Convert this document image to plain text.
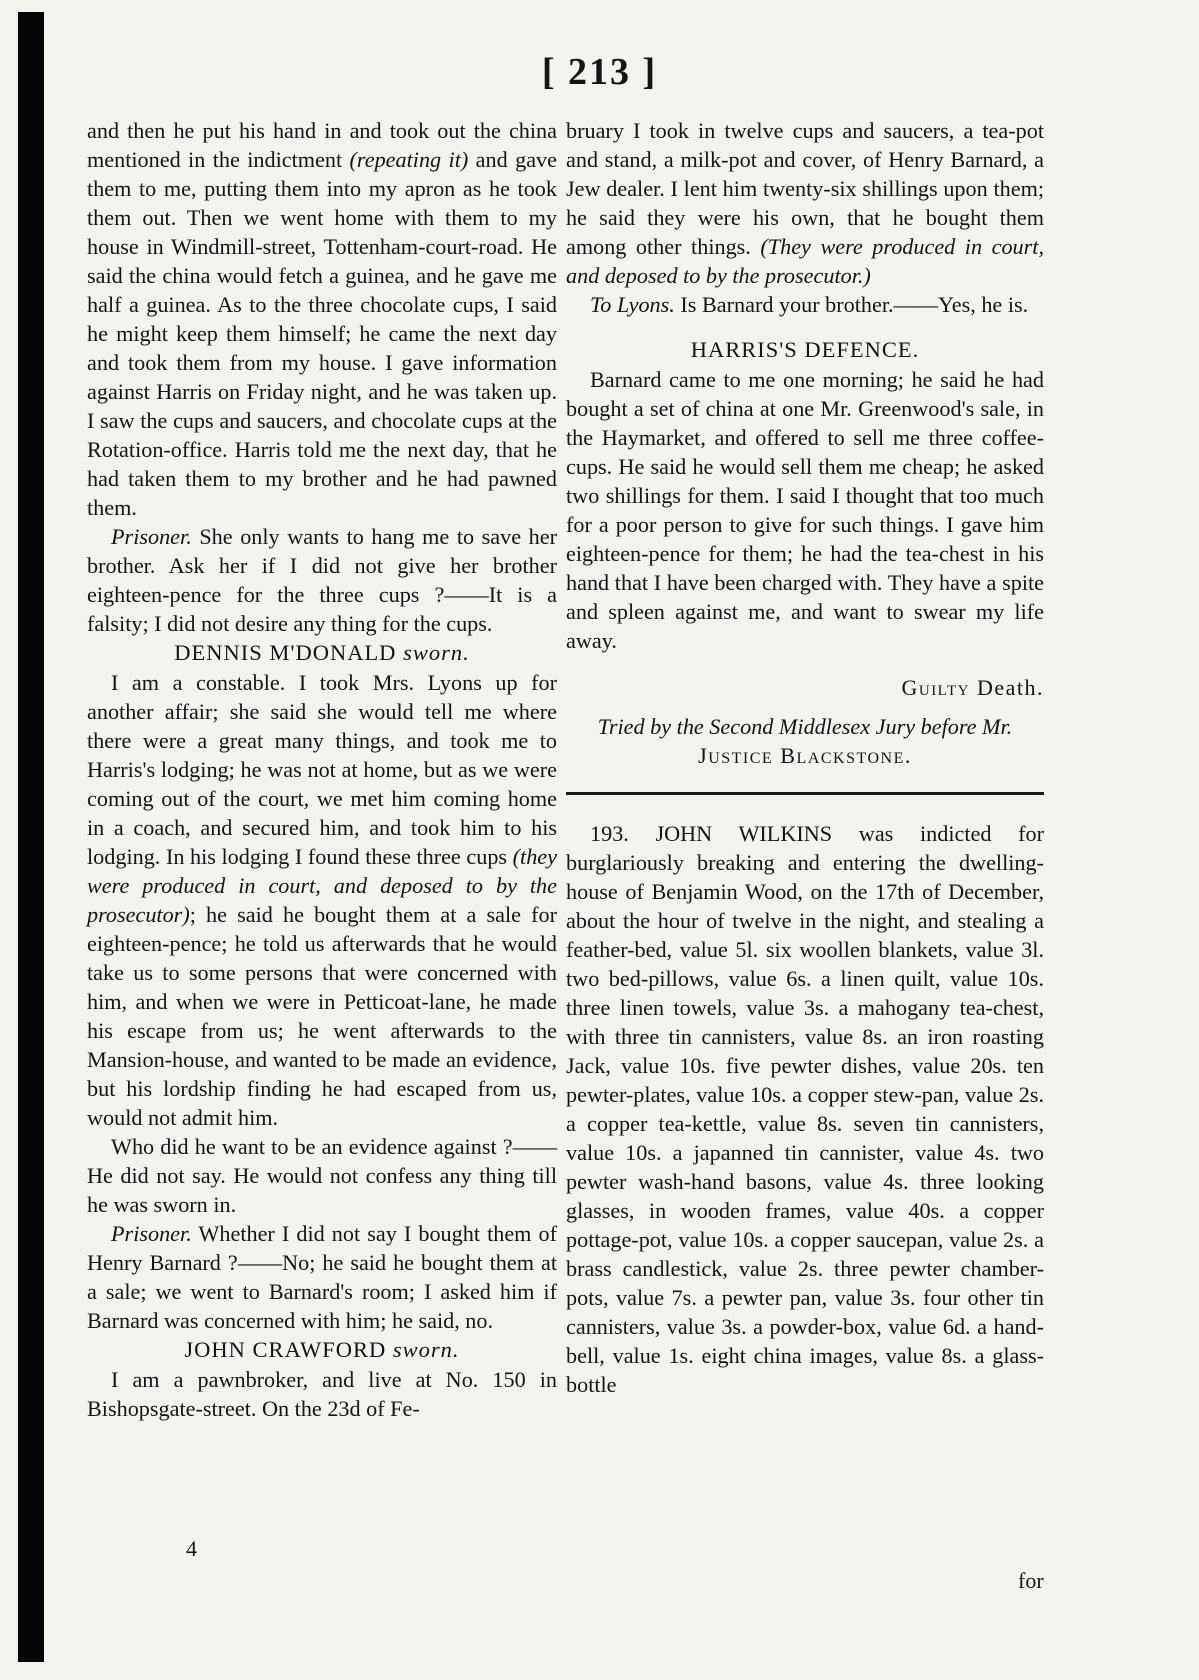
[ 213 ]

and then he put his hand in and took out the china mentioned in the indictment (repeating it) and gave them to me, putting them into my apron as he took them out. Then we went home with them to my house in Windmill-street, Tottenham-court-road. He said the china would fetch a guinea, and he gave me half a guinea. As to the three chocolate cups, I said he might keep them himself; he came the next day and took them from my house. I gave information against Harris on Friday night, and he was taken up. I saw the cups and saucers, and chocolate cups at the Rotation-office. Harris told me the next day, that he had taken them to my brother and he had pawned them.

Prisoner. She only wants to hang me to save her brother. Ask her if I did not give her brother eighteen-pence for the three cups ?——It is a falsity; I did not desire any thing for the cups.

DENNIS M'DONALD sworn.

I am a constable. I took Mrs. Lyons up for another affair; she said she would tell me where there were a great many things, and took me to Harris's lodging; he was not at home, but as we were coming out of the court, we met him coming home in a coach, and secured him, and took him to his lodging. In his lodging I found these three cups (they were produced in court, and deposed to by the prosecutor); he said he bought them at a sale for eighteen-pence; he told us afterwards that he would take us to some persons that were concerned with him, and when we were in Petticoat-lane, he made his escape from us; he went afterwards to the Mansion-house, and wanted to be made an evidence, but his lordship finding he had escaped from us, would not admit him.

Who did he want to be an evidence against ?——He did not say. He would not confess any thing till he was sworn in.

Prisoner. Whether I did not say I bought them of Henry Barnard ?——No; he said he bought them at a sale; we went to Barnard's room; I asked him if Barnard was concerned with him; he said, no.

JOHN CRAWFORD sworn.

I am a pawnbroker, and live at No. 150 in Bishopsgate-street. On the 23d of Fe-

4

bruary I took in twelve cups and saucers, a tea-pot and stand, a milk-pot and cover, of Henry Barnard, a Jew dealer. I lent him twenty-six shillings upon them; he said they were his own, that he bought them among other things. (They were produced in court, and deposed to by the prosecutor.)

To Lyons. Is Barnard your brother.——Yes, he is.

HARRIS'S DEFENCE.

Barnard came to me one morning; he said he had bought a set of china at one Mr. Greenwood's sale, in the Haymarket, and offered to sell me three coffee-cups. He said he would sell them me cheap; he asked two shillings for them. I said I thought that too much for a poor person to give for such things. I gave him eighteen-pence for them; he had the tea-chest in his hand that I have been charged with. They have a spite and spleen against me, and want to swear my life away.

Guilty Death.
Tried by the Second Middlesex Jury before Mr.
Justice Blackstone.

193. JOHN WILKINS was indicted for burglariously breaking and entering the dwelling-house of Benjamin Wood, on the 17th of December, about the hour of twelve in the night, and stealing a feather-bed, value 5l. six woollen blankets, value 3l. two bed-pillows, value 6s. a linen quilt, value 10s. three linen towels, value 3s. a mahogany tea-chest, with three tin cannisters, value 8s. an iron roasting Jack, value 10s. five pewter dishes, value 20s. ten pewter-plates, value 10s. a copper stew-pan, value 2s. a copper tea-kettle, value 8s. seven tin cannisters, value 10s. a japanned tin cannister, value 4s. two pewter wash-hand basons, value 4s. three looking glasses, in wooden frames, value 40s. a copper pottage-pot, value 10s. a copper saucepan, value 2s. a brass candlestick, value 2s. three pewter chamber-pots, value 7s. a pewter pan, value 3s. four other tin cannisters, value 3s. a powder-box, value 6d. a hand-bell, value 1s. eight china images, value 8s. a glass-bottle

for
